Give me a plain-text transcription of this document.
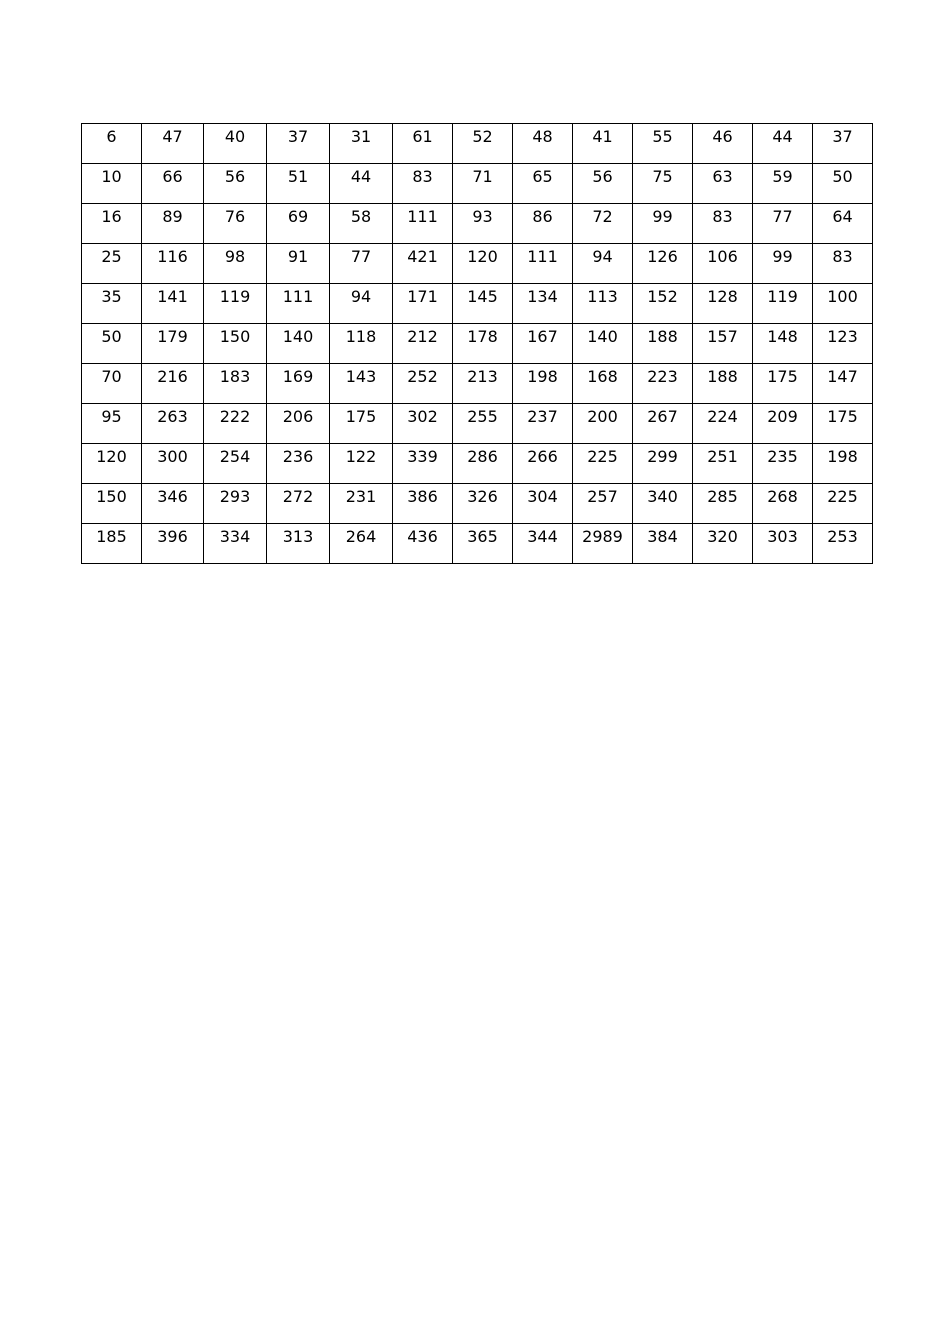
6	47	40	37	31	61	52	48	41	55	46	44	37
10	66	56	51	44	83	71	65	56	75	63	59	50
16	89	76	69	58	111	93	86	72	99	83	77	64
25	116	98	91	77	421	120	111	94	126	106	99	83
35	141	119	111	94	171	145	134	113	152	128	119	100
50	179	150	140	118	212	178	167	140	188	157	148	123
70	216	183	169	143	252	213	198	168	223	188	175	147
95	263	222	206	175	302	255	237	200	267	224	209	175
120	300	254	236	122	339	286	266	225	299	251	235	198
150	346	293	272	231	386	326	304	257	340	285	268	225
185	396	334	313	264	436	365	344	2989	384	320	303	253
